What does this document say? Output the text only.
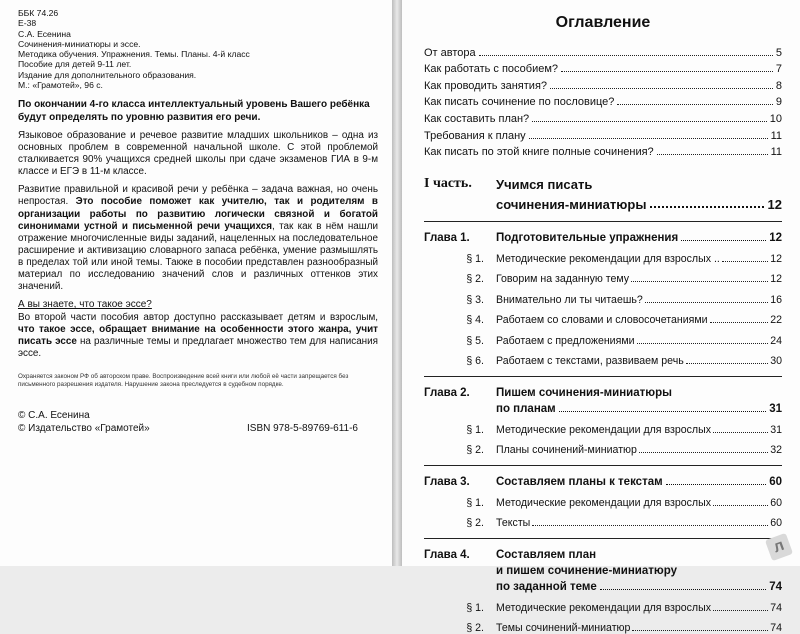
ББК 74.26
Е-38
С.А. Есенина
Сочинения-миниатюры и эссе.
Методика обучения. Упражнения. Темы. Планы. 4-й класс
Пособие для детей 9-11 лет.
Издание для дополнительного образования.
М.: «Грамотей», 96 с.
По окончании 4-го класса интеллектуальный уровень Вашего ребёнка будут определять по уровню развития его речи.
Языковое образование и речевое развитие младших школьников – одна из основных проблем в современной начальной школе. С этой проблемой сталкивается 90% учащихся средней школы при сдаче экзаменов ГИА в 9-м классе и ЕГЭ в 11-м классе.
Развитие правильной и красивой речи у ребёнка – задача важная, но очень непростая. Это пособие поможет как учителю, так и родителям в организации работы по развитию логически связной и богатой синонимами устной и письменной речи учащихся, так как в нём нашли отражение многочисленные виды заданий, нацеленных на последовательное расширение и активизацию словарного запаса ребёнка, умение размышлять в пределах той или иной темы. Также в пособии представлен разнообразный материал по исследованию значений слов и различных оттенков этих значений.
А вы знаете, что такое эссе?
Во второй части пособия автор доступно рассказывает детям и взрослым, что такое эссе, обращает внимание на особенности этого жанра, учит писать эссе на различные темы и предлагает множество тем для написания эссе.
Охраняется законом РФ об авторском праве. Воспроизведение всей книги или любой её части запрещается без письменного разрешения издателя. Нарушение закона преследуется в судебном порядке.
© С.А. Есенина
© Издательство «Грамотей»	ISBN 978-5-89769-611-6
Оглавление
От автора	5
Как работать с пособием?	7
Как проводить занятия?	8
Как писать сочинение по пословице?	9
Как составить план?	10
Требования к плану	11
Как писать по этой книге полные сочинения?	11
I часть.	Учимся писать
сочинения-миниатюры	12
Глава 1.	Подготовительные упражнения	12
§ 1.	Методические рекомендации для взрослых ..	12
§ 2.	Говорим на заданную тему	12
§ 3.	Внимательно ли ты читаешь?	16
§ 4.	Работаем со словами и словосочетаниями	22
§ 5.	Работаем с предложениями	24
§ 6.	Работаем с текстами, развиваем речь	30
Глава 2.	Пишем сочинения-миниатюры
по планам	31
§ 1.	Методические рекомендации для взрослых	31
§ 2.	Планы сочинений-миниатюр	32
Глава 3.	Составляем планы к текстам	60
§ 1.	Методические рекомендации для взрослых	60
§ 2.	Тексты	60
Глава 4.	Составляем план
и пишем сочинение-миниатюру
по заданной теме	74
§ 1.	Методические рекомендации для взрослых	74
§ 2.	Темы сочинений-миниатюр	74
л
